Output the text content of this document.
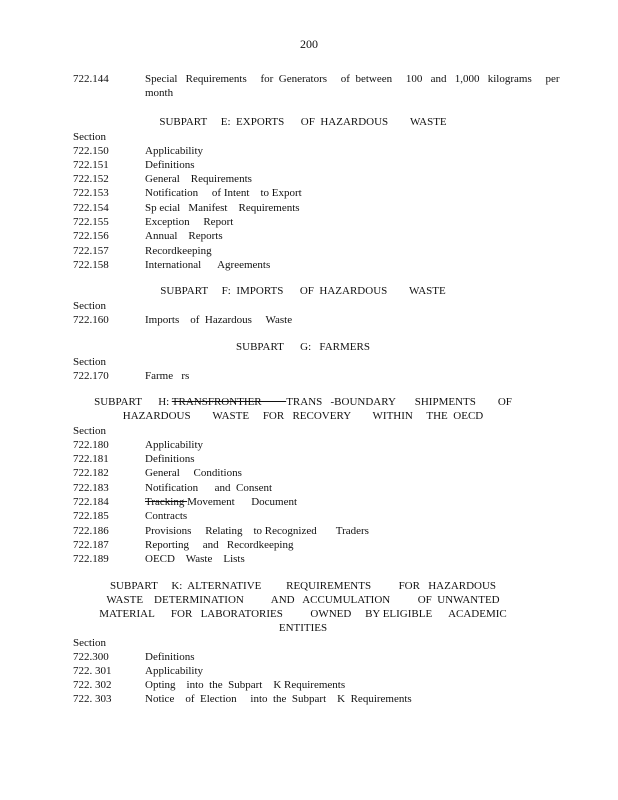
200
722.144	Special   Requirements     for  Generators     of  between     100   and   1,000   kilograms     per
month
SUBPART     E:  EXPORTS      OF  HAZARDOUS        WASTE
Section
722.150	Applicability
722.151	Definitions
722.152	General    Requirements
722.153	Notification     of Intent    to Export
722.154	Sp ecial   Manifest    Requirements
722.155	Exception     Report
722.156	Annual    Reports
722.157	Recordkeeping
722.158	International      Agreements
SUBPART     F:  IMPORTS      OF  HAZARDOUS        WASTE
Section
722.160	Imports    of  Hazardous     Waste
SUBPART      G:   FARMERS
Section
722.170	Farme   rs
SUBPART      H: TRANSFRONTIER         TRANS   -BOUNDARY       SHIPMENTS        OF
HAZARDOUS        WASTE     FOR   RECOVERY        WITHIN     THE  OECD
Section
722.180	Applicability
722.181	Definitions
722.182	General     Conditions
722.183	Notification      and  Consent
722.184	Tracking Movement      Document
722.185	Contracts
722.186	Provisions     Relating    to Recognized       Traders
722.187	Reporting     and   Recordkeeping
722.189	OECD    Waste    Lists
SUBPART     K:  ALTERNATIVE         REQUIREMENTS          FOR   HAZARDOUS
WASTE    DETERMINATION          AND   ACCUMULATION          OF  UNWANTED
MATERIAL      FOR   LABORATORIES          OWNED     BY ELIGIBLE      ACADEMIC
ENTITIES
Section
722.300	Definitions
722. 301	Applicability
722. 302	Opting    into  the  Subpart    K Requirements
722. 303	Notice    of  Election     into  the  Subpart    K  Requirements
